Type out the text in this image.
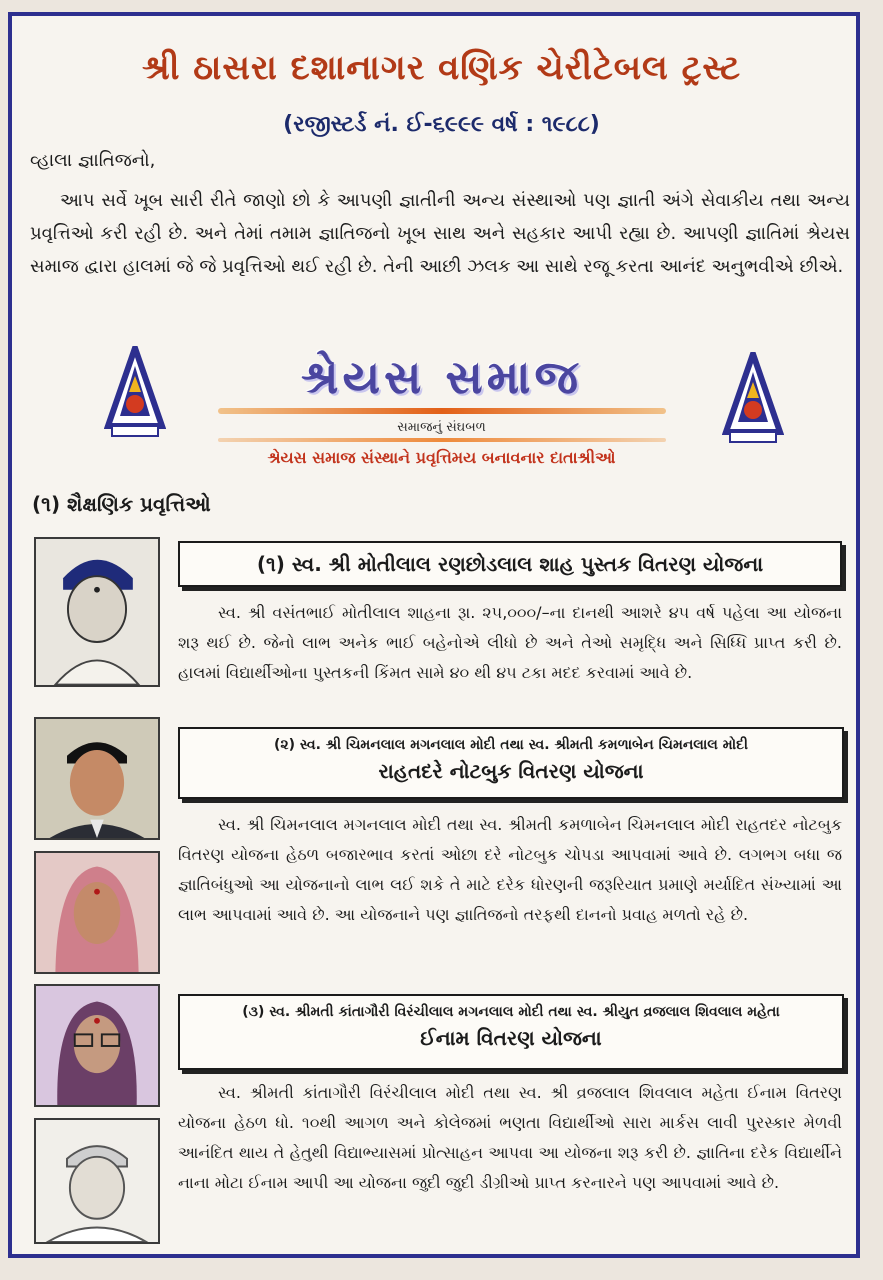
શ્રી ઠાસરા દશાનાગર વણિક ચેરીટેબલ ટ્રસ્ટ
(રજીસ્ટર્ડ નં. ઈ-૬૯૯૯ વર્ષ : ૧૯૮૮)
વ્હાલા જ્ઞાતિજનો,
આપ સર્વે ખૂબ સારી રીતે જાણો છો કે આપણી જ્ઞાતીની અન્ય સંસ્થાઓ પણ જ્ઞાતી અંગે સેવાકીય તથા અન્ય પ્રવૃત્તિઓ કરી રહી છે. અને તેમાં તમામ જ્ઞાતિજનો ખૂબ સાથ અને સહકાર આપી રહ્યા છે. આપણી જ્ઞાતિમાં શ્રેયસ સમાજ દ્વારા હાલમાં જે જે પ્રવૃત્તિઓ થઈ રહી છે. તેની આછી ઝલક આ સાથે રજૂ કરતા આનંદ અનુભવીએ છીએ.
શ્રેયસ સમાજ
સમાજનું સંઘબળ
શ્રેયસ સમાજ સંસ્થાને પ્રવૃત્તિમય બનાવનાર દાતાશ્રીઓ
(૧) શૈક્ષણિક પ્રવૃત્તિઓ
(૧) સ્વ. શ્રી મોતીલાલ રણછોડલાલ શાહ પુસ્તક વિતરણ યોજના
સ્વ. શ્રી વસંતભાઈ મોતીલાલ શાહના રૂા. ૨૫,૦૦૦/–ના દાનથી આશરે ૪૫ વર્ષ પહેલા આ યોજના શરૂ થઈ છે. જેનો લાભ અનેક ભાઈ બહેનોએ લીધો છે અને તેઓ સમૃદ્ધિ અને સિધ્ધિ પ્રાપ્ત કરી છે. હાલમાં વિદ્યાર્થીઓના પુસ્તકની કિંમત સામે ૪૦ થી ૪૫ ટકા મદદ કરવામાં આવે છે.
(૨) સ્વ. શ્રી ચિમનલાલ મગનલાલ મોદી તથા સ્વ. શ્રીમતી કમળાબેન ચિમનલાલ મોદી
રાહતદરે નોટબુક વિતરણ યોજના
સ્વ. શ્રી ચિમનલાલ મગનલાલ મોદી તથા સ્વ. શ્રીમતી કમળાબેન ચિમનલાલ મોદી રાહતદર નોટબુક વિતરણ યોજના હેઠળ બજારભાવ કરતાં ઓછા દરે નોટબુક ચોપડા આપવામાં આવે છે. લગભગ બધા જ જ્ઞાતિબંધુઓ આ યોજનાનો લાભ લઈ શકે તે માટે દરેક ધોરણની જરૂરિયાત પ્રમાણે મર્યાદિત સંખ્યામાં આ લાભ આપવામાં આવે છે. આ યોજનાને પણ જ્ઞાતિજનો તરફથી દાનનો પ્રવાહ મળતો રહે છે.
(૩) સ્વ. શ્રીમતી કાંતાગૌરી વિરંચીલાલ મગનલાલ મોદી તથા સ્વ. શ્રીયુત વ્રજલાલ શિવલાલ મહેતા
ઈનામ વિતરણ યોજના
સ્વ. શ્રીમતી કાંતાગૌરી વિરંચીલાલ મોદી તથા સ્વ. શ્રી વ્રજલાલ શિવલાલ મહેતા ઈનામ વિતરણ યોજના હેઠળ ધો. ૧૦થી આગળ અને કોલેજમાં ભણતા વિદ્યાર્થીઓ સારા માર્કસ લાવી પુરસ્કાર મેળવી આનંદિત થાય તે હેતુથી વિદ્યાભ્યાસમાં પ્રોત્સાહન આપવા આ યોજના શરૂ કરી છે. જ્ઞાતિના દરેક વિદ્યાર્થીને નાના મોટા ઈનામ આપી આ યોજના જુદી જુદી ડીગ્રીઓ પ્રાપ્ત કરનારને પણ આપવામાં આવે છે.
